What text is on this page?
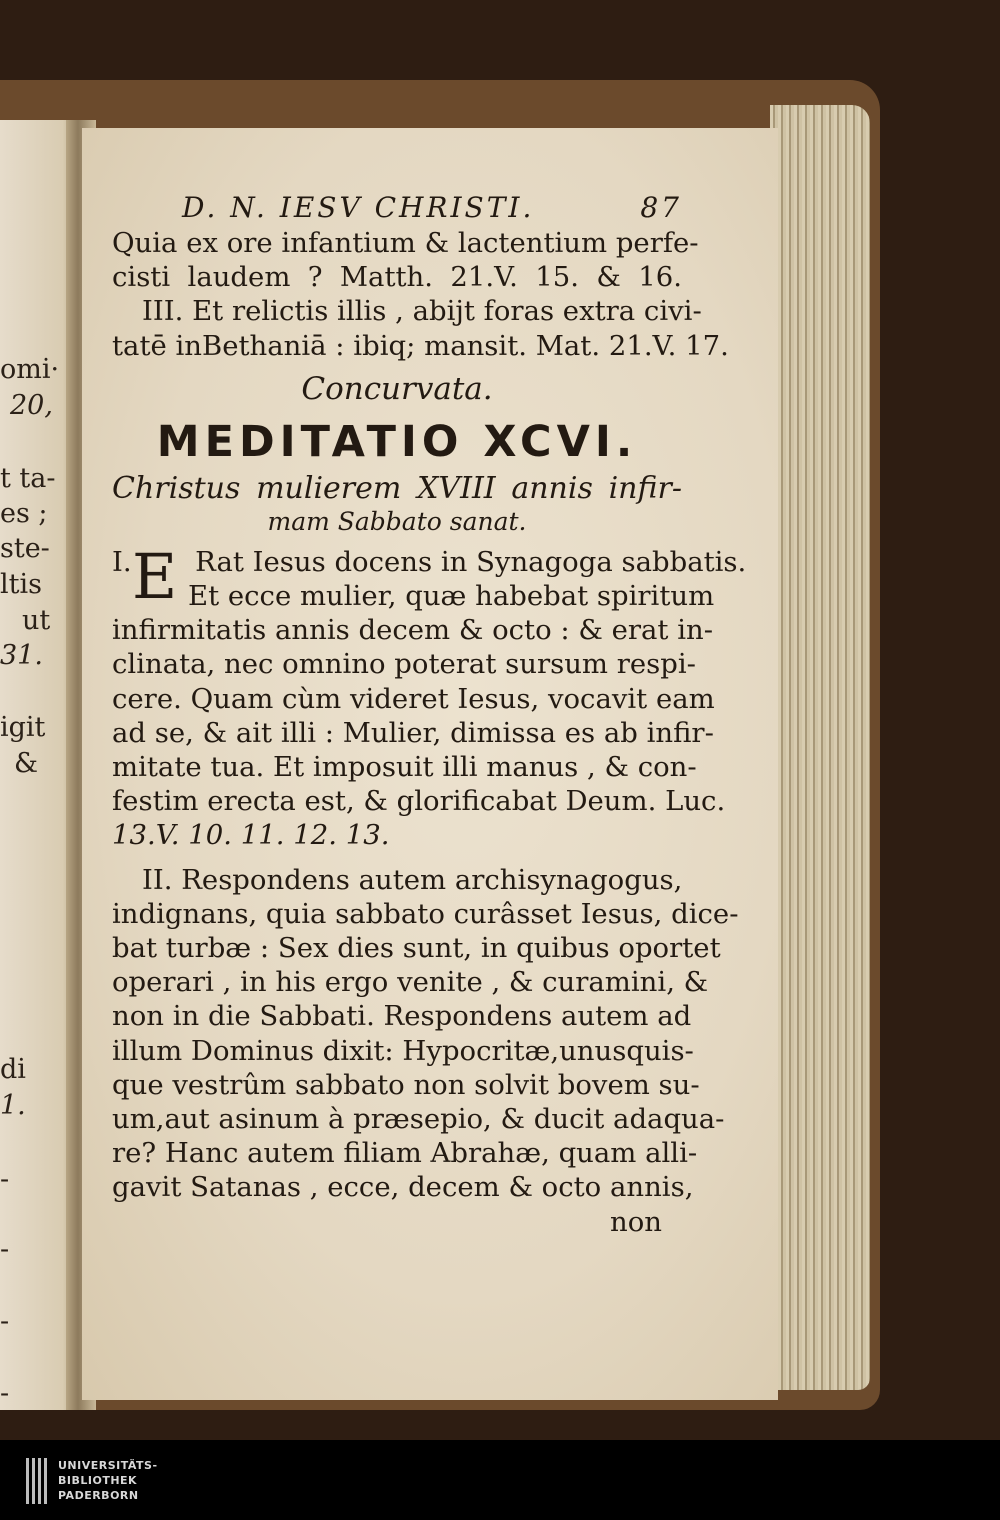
omi·
20,
t ta-
es ;
ste-
ltis
ut
31.
igit
&
di
1.
-
-
-
-
D. N. IESV CHRISTI.	87
Quia ex ore infantium & lactentium perfe-
cisti laudem ? Matth. 21.V. 15. & 16.
III. Et relictis illis , abijt foras extra civi-
tatē inBethaniā : ibiq; mansit. Mat. 21.V. 17.
Concurvata.
MEDITATIO XCVI.
Christus mulierem XVIII annis infir-
mam Sabbato sanat.
E
I. Rat Iesus docens in Synagoga sabbatis.
Et ecce mulier, quæ habebat spiritum
infirmitatis annis decem & octo : & erat in-
clinata, nec omnino poterat sursum respi-
cere. Quam cùm videret Iesus, vocavit eam
ad se, & ait illi : Mulier, dimissa es ab infir-
mitate tua. Et imposuit illi manus , & con-
festim erecta est, & glorificabat Deum. Luc.
13.V. 10. 11. 12. 13.
II. Respondens autem archisynagogus,
indignans, quia sabbato curâsset Iesus, dice-
bat turbæ : Sex dies sunt, in quibus oportet
operari , in his ergo venite , & curamini, &
non in die Sabbati. Respondens autem ad
illum Dominus dixit: Hypocritæ,unusquis-
que vestrûm sabbato non solvit bovem su-
um,aut asinum à præsepio, & ducit adaqua-
re? Hanc autem filiam Abrahæ, quam alli-
gavit Satanas , ecce, decem & octo annis,
non
UNIVERSITÄTS-
BIBLIOTHEK
PADERBORN
